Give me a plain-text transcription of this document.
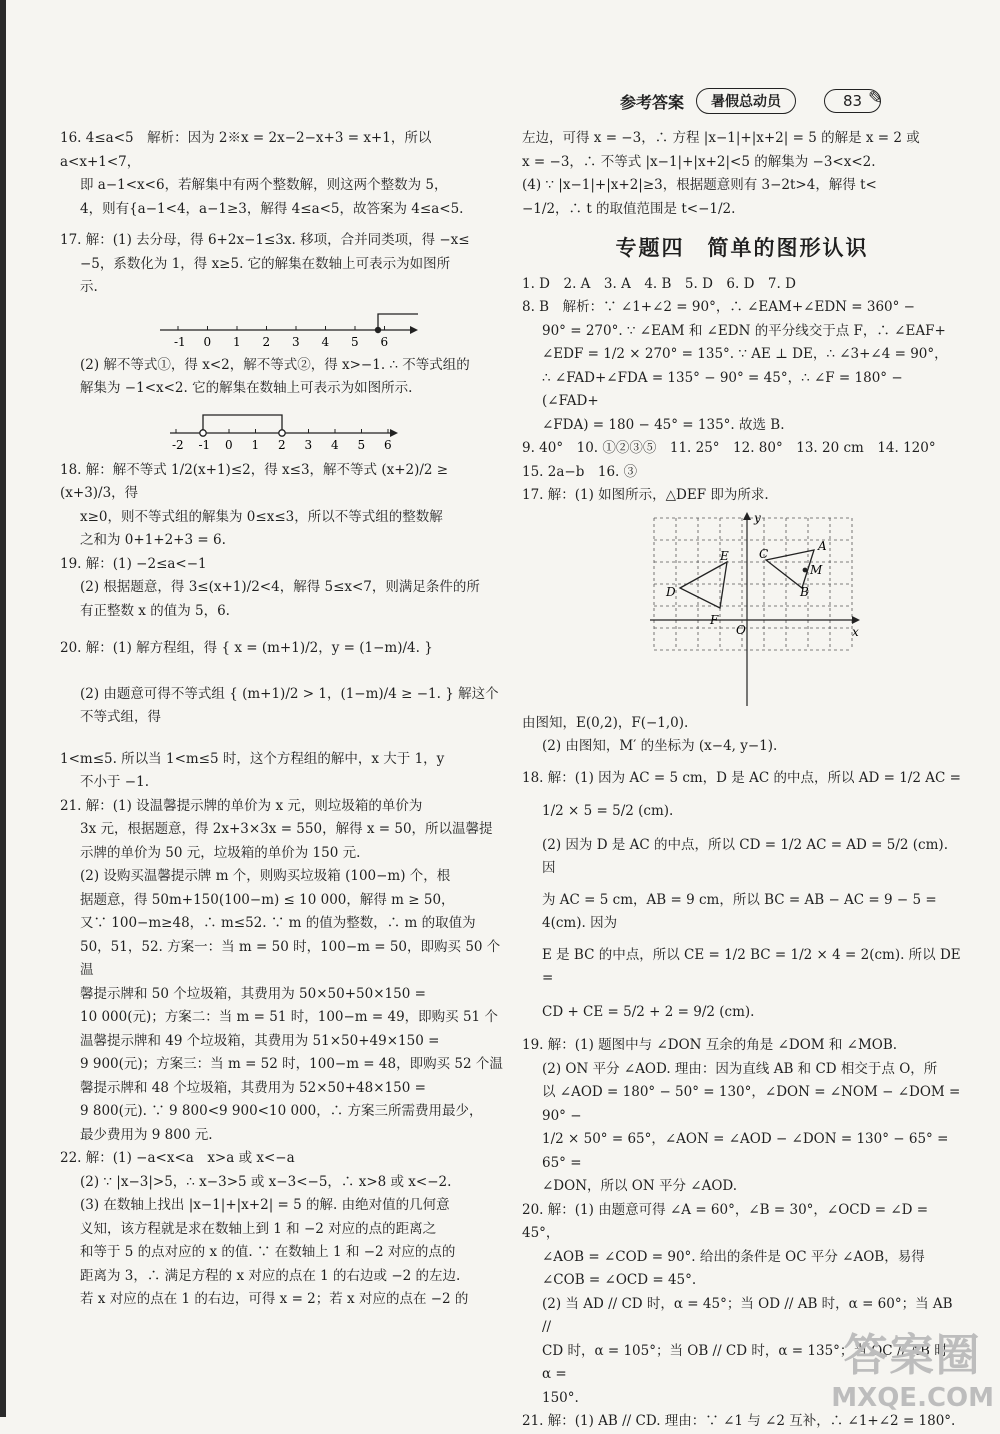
参考答案	暑假总动员	✎
83

16. 4≤a<5　解析：因为 2※x = 2x−2−x+3 = x+1，所以 a<x+1<7，

即 a−1<x<6，若解集中有两个整数解，则这两个整数为 5，

4，则有{a−1<4，a−1≥3，解得 4≤a<5，故答案为 4≤a<5.

17. 解：(1) 去分母，得 6+2x−1≤3x. 移项，合并同类项，得 −x≤

−5，系数化为 1，得 x≥5. 它的解集在数轴上可表示为如图所

示.

-1 0 1 2 3 4 5 6

(2) 解不等式①，得 x<2，解不等式②，得 x>−1. ∴ 不等式组的

解集为 −1<x<2. 它的解集在数轴上可表示为如图所示.

-2 -1 0 1 2 3 4 5 6

18. 解：解不等式 1/2(x+1)≤2，得 x≤3，解不等式 (x+2)/2 ≥ (x+3)/3，得

x≥0，则不等式组的解集为 0≤x≤3，所以不等式组的整数解

之和为 0+1+2+3 = 6.

19. 解：(1) −2≤a<−1

(2) 根据题意，得 3≤(x+1)/2<4，解得 5≤x<7，则满足条件的所

有正整数 x 的值为 5，6.

20. 解：(1) 解方程组，得 { x = (m+1)/2，y = (1−m)/4. }

(2) 由题意可得不等式组 { (m+1)/2 > 1，(1−m)/4 ≥ −1. } 解这个不等式组，得

1<m≤5. 所以当 1<m≤5 时，这个方程组的解中，x 大于 1，y

不小于 −1.

21. 解：(1) 设温馨提示牌的单价为 x 元，则垃圾箱的单价为

3x 元，根据题意，得 2x+3×3x = 550，解得 x = 50，所以温馨提

示牌的单价为 50 元，垃圾箱的单价为 150 元.

(2) 设购买温馨提示牌 m 个，则购买垃圾箱 (100−m) 个，根

据题意，得 50m+150(100−m) ≤ 10 000，解得 m ≥ 50，

又∵ 100−m≥48，∴ m≤52. ∵ m 的值为整数，∴ m 的取值为

50，51，52. 方案一：当 m = 50 时，100−m = 50，即购买 50 个温

馨提示牌和 50 个垃圾箱，其费用为 50×50+50×150 =

10 000(元)；方案二：当 m = 51 时，100−m = 49，即购买 51 个

温馨提示牌和 49 个垃圾箱，其费用为 51×50+49×150 =

9 900(元)；方案三：当 m = 52 时，100−m = 48，即购买 52 个温

馨提示牌和 48 个垃圾箱，其费用为 52×50+48×150 =

9 800(元). ∵ 9 800<9 900<10 000，∴ 方案三所需费用最少，

最少费用为 9 800 元.

22. 解：(1) −a<x<a　x>a 或 x<−a

(2) ∵ |x−3|>5，∴ x−3>5 或 x−3<−5，∴ x>8 或 x<−2.

(3) 在数轴上找出 |x−1|+|x+2| = 5 的解. 由绝对值的几何意

义知，该方程就是求在数轴上到 1 和 −2 对应的点的距离之

和等于 5 的点对应的 x 的值. ∵ 在数轴上 1 和 −2 对应的点的

距离为 3，∴ 满足方程的 x 对应的点在 1 的右边或 −2 的左边.

若 x 对应的点在 1 的右边，可得 x = 2；若 x 对应的点在 −2 的

左边，可得 x = −3，∴ 方程 |x−1|+|x+2| = 5 的解是 x = 2 或

x = −3，∴ 不等式 |x−1|+|x+2|<5 的解集为 −3<x<2.

(4) ∵ |x−1|+|x+2|≥3，根据题意则有 3−2t>4，解得 t<

−1/2，∴ t 的取值范围是 t<−1/2.

专题四　简单的图形认识

1. D　2. A　3. A　4. B　5. D　6. D　7. D

8. B　解析：∵ ∠1+∠2 = 90°，∴ ∠EAM+∠EDN = 360° −

90° = 270°. ∵ ∠EAM 和 ∠EDN 的平分线交于点 F，∴ ∠EAF+

∠EDF = 1/2 × 270° = 135°. ∵ AE ⊥ DE，∴ ∠3+∠4 = 90°，

∴ ∠FAD+∠FDA = 135° − 90° = 45°，∴ ∠F = 180° − (∠FAD+

∠FDA) = 180 − 45° = 135°. 故选 B.

9. 40°　10. ①②③⑤　11. 25°　12. 80°　13. 20 cm　14. 120°

15. 2a−b　16. ③

17. 解：(1) 如图所示，△DEF 即为所求.

D
E
F
C
A
B
M
O	x
y

由图知，E(0,2)，F(−1,0).

(2) 由图知，M′ 的坐标为 (x−4, y−1).

18. 解：(1) 因为 AC = 5 cm，D 是 AC 的中点，所以 AD = 1/2 AC =

1/2 × 5 = 5/2 (cm).

(2) 因为 D 是 AC 的中点，所以 CD = 1/2 AC = AD = 5/2 (cm). 因

为 AC = 5 cm，AB = 9 cm，所以 BC = AB − AC = 9 − 5 = 4(cm). 因为

E 是 BC 的中点，所以 CE = 1/2 BC = 1/2 × 4 = 2(cm). 所以 DE =

CD + CE = 5/2 + 2 = 9/2 (cm).

19. 解：(1) 题图中与 ∠DON 互余的角是 ∠DOM 和 ∠MOB.

(2) ON 平分 ∠AOD. 理由：因为直线 AB 和 CD 相交于点 O，所

以 ∠AOD = 180° − 50° = 130°，∠DON = ∠NOM − ∠DOM = 90° −

1/2 × 50° = 65°，∠AON = ∠AOD − ∠DON = 130° − 65° = 65° =

∠DON，所以 ON 平分 ∠AOD.

20. 解：(1) 由题意可得 ∠A = 60°，∠B = 30°，∠OCD = ∠D = 45°，

∠AOB = ∠COD = 90°. 给出的条件是 OC 平分 ∠AOB，易得

∠COB = ∠OCD = 45°.

(2) 当 AD // CD 时，α = 45°；当 OD // AB 时，α = 60°；当 AB //

CD 时，α = 105°；当 OB // CD 时，α = 135°；当 OC // AB 时，α =

150°.

21. 解：(1) AB // CD. 理由：∵ ∠1 与 ∠2 互补，∴ ∠1+∠2 = 180°.

答案圈
MXQE.COM
